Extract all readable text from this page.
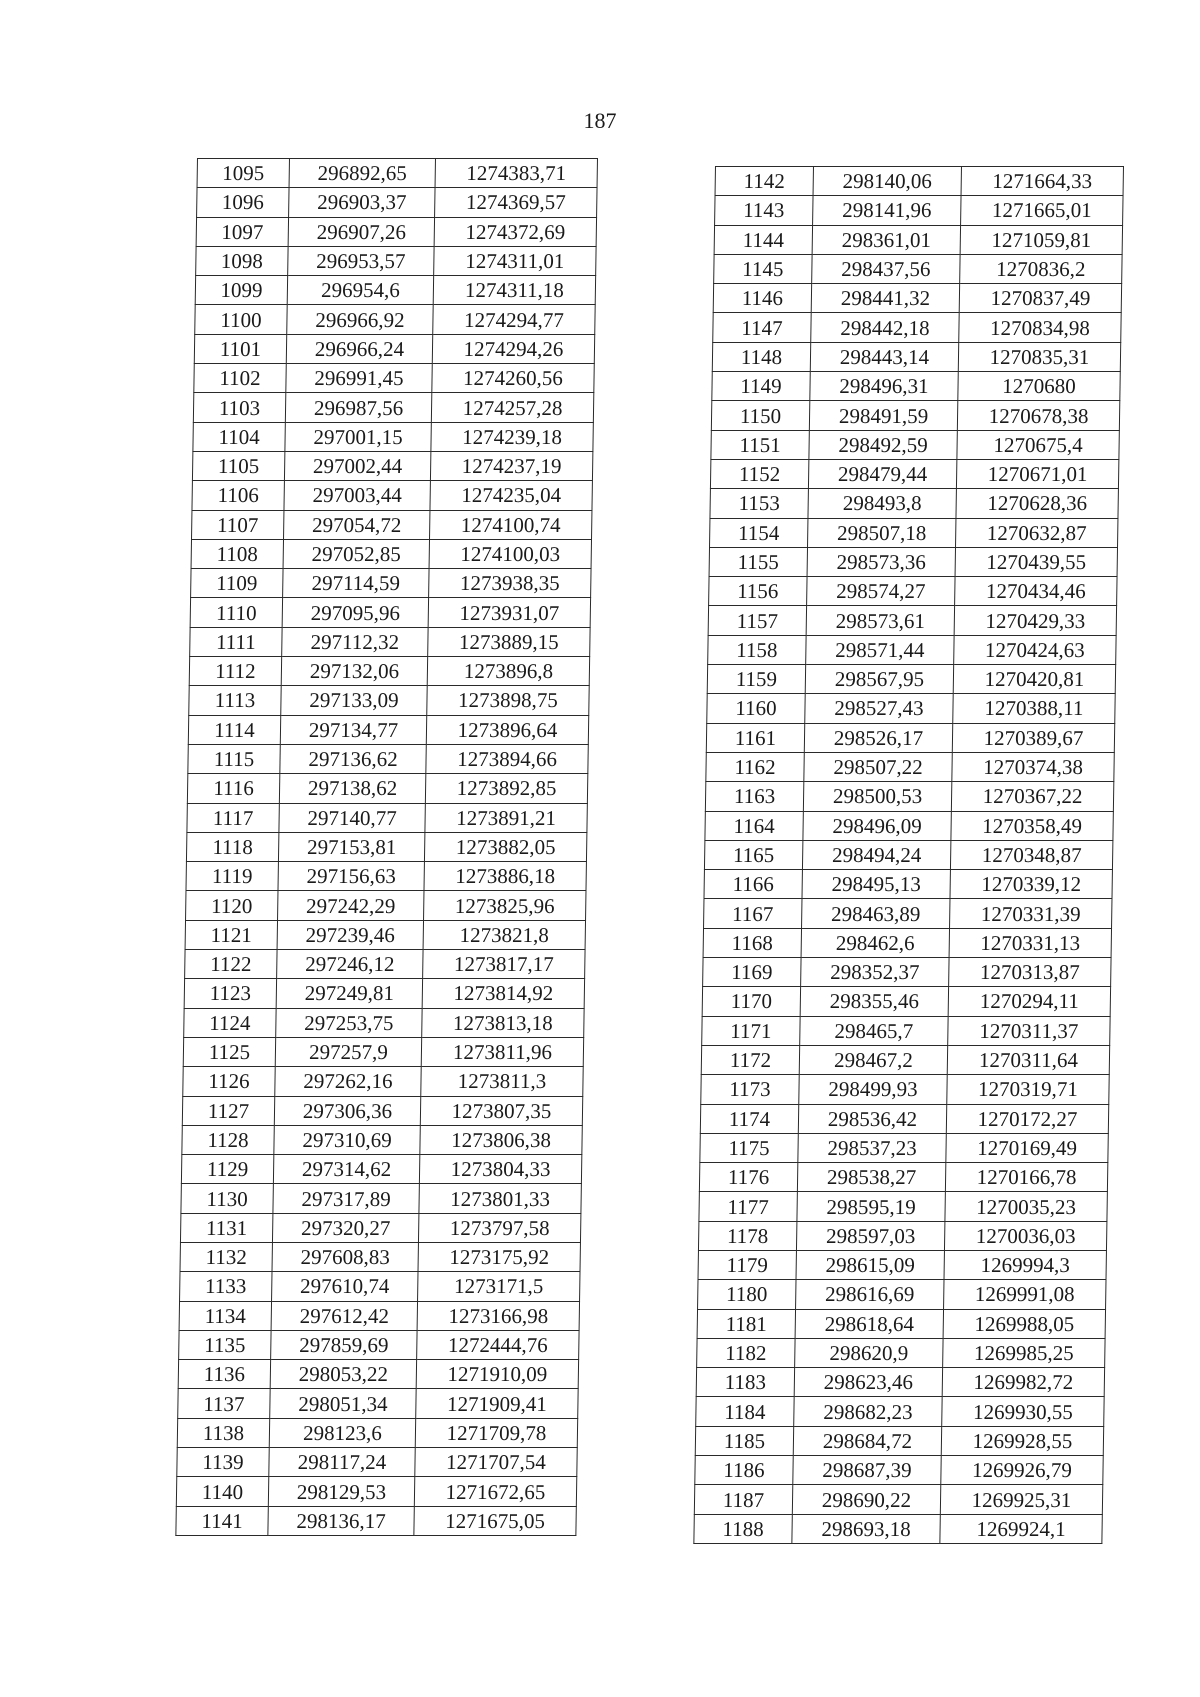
187
1095	296892,65	1274383,71
1096	296903,37	1274369,57
1097	296907,26	1274372,69
1098	296953,57	1274311,01
1099	296954,6	1274311,18
1100	296966,92	1274294,77
1101	296966,24	1274294,26
1102	296991,45	1274260,56
1103	296987,56	1274257,28
1104	297001,15	1274239,18
1105	297002,44	1274237,19
1106	297003,44	1274235,04
1107	297054,72	1274100,74
1108	297052,85	1274100,03
1109	297114,59	1273938,35
1110	297095,96	1273931,07
1111	297112,32	1273889,15
1112	297132,06	1273896,8
1113	297133,09	1273898,75
1114	297134,77	1273896,64
1115	297136,62	1273894,66
1116	297138,62	1273892,85
1117	297140,77	1273891,21
1118	297153,81	1273882,05
1119	297156,63	1273886,18
1120	297242,29	1273825,96
1121	297239,46	1273821,8
1122	297246,12	1273817,17
1123	297249,81	1273814,92
1124	297253,75	1273813,18
1125	297257,9	1273811,96
1126	297262,16	1273811,3
1127	297306,36	1273807,35
1128	297310,69	1273806,38
1129	297314,62	1273804,33
1130	297317,89	1273801,33
1131	297320,27	1273797,58
1132	297608,83	1273175,92
1133	297610,74	1273171,5
1134	297612,42	1273166,98
1135	297859,69	1272444,76
1136	298053,22	1271910,09
1137	298051,34	1271909,41
1138	298123,6	1271709,78
1139	298117,24	1271707,54
1140	298129,53	1271672,65
1141	298136,17	1271675,05
1142	298140,06	1271664,33
1143	298141,96	1271665,01
1144	298361,01	1271059,81
1145	298437,56	1270836,2
1146	298441,32	1270837,49
1147	298442,18	1270834,98
1148	298443,14	1270835,31
1149	298496,31	1270680
1150	298491,59	1270678,38
1151	298492,59	1270675,4
1152	298479,44	1270671,01
1153	298493,8	1270628,36
1154	298507,18	1270632,87
1155	298573,36	1270439,55
1156	298574,27	1270434,46
1157	298573,61	1270429,33
1158	298571,44	1270424,63
1159	298567,95	1270420,81
1160	298527,43	1270388,11
1161	298526,17	1270389,67
1162	298507,22	1270374,38
1163	298500,53	1270367,22
1164	298496,09	1270358,49
1165	298494,24	1270348,87
1166	298495,13	1270339,12
1167	298463,89	1270331,39
1168	298462,6	1270331,13
1169	298352,37	1270313,87
1170	298355,46	1270294,11
1171	298465,7	1270311,37
1172	298467,2	1270311,64
1173	298499,93	1270319,71
1174	298536,42	1270172,27
1175	298537,23	1270169,49
1176	298538,27	1270166,78
1177	298595,19	1270035,23
1178	298597,03	1270036,03
1179	298615,09	1269994,3
1180	298616,69	1269991,08
1181	298618,64	1269988,05
1182	298620,9	1269985,25
1183	298623,46	1269982,72
1184	298682,23	1269930,55
1185	298684,72	1269928,55
1186	298687,39	1269926,79
1187	298690,22	1269925,31
1188	298693,18	1269924,1
